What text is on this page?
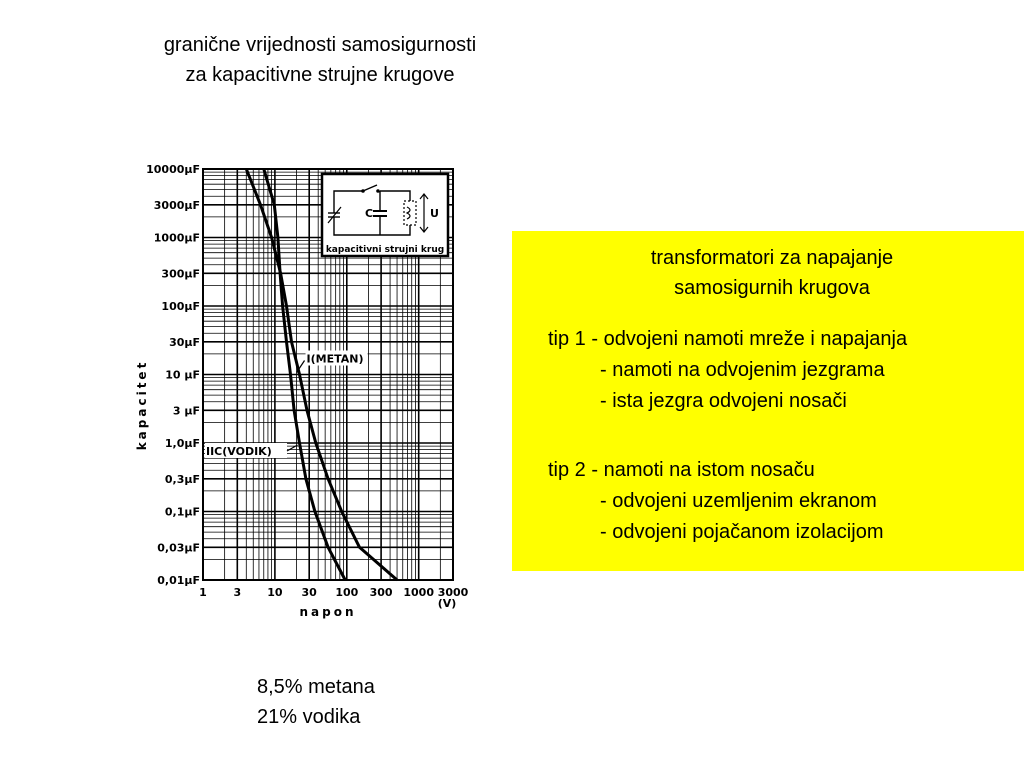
granične vrijednosti samosigurnosti
za kapacitivne strujne krugove
10000μF
3000μF
1000μF
300μF
100μF
30μF
10 μF
3 μF
1,0μF
0,3μF
0,1μF
0,03μF
0,01μF
1 3 10 30 100 300 1000 3000
C	U
kapacitivni strujni krug
napon
(V)
kapacitet
I(METAN)
IIC(VODIK)
8,5% metana
21% vodika
transformatori za napajanje
samosigurnih krugova
tip 1 - odvojeni namoti mreže i napajanja
- namoti na odvojenim jezgrama
- ista jezgra odvojeni nosači
tip 2 - namoti na istom nosaču
- odvojeni uzemljenim ekranom
- odvojeni pojačanom izolacijom
